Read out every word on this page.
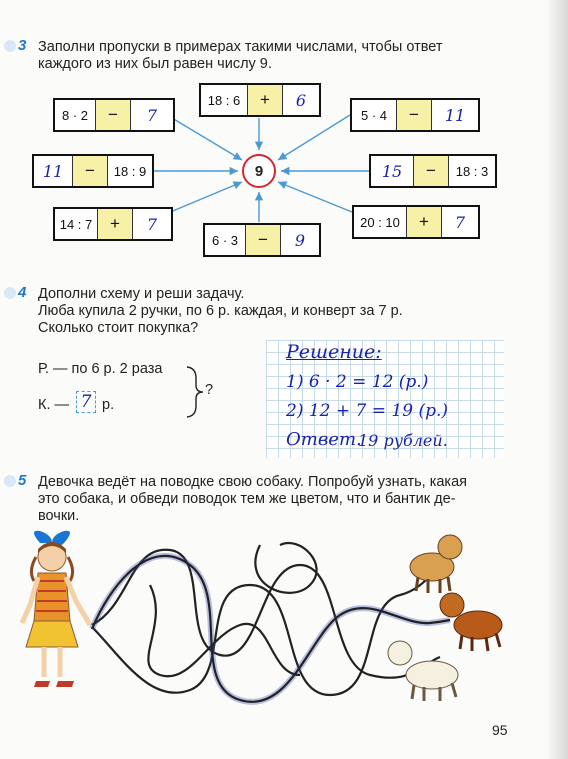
3 Заполни пропуски в примерах такими числами, чтобы ответ
каждого из них был равен числу 9.
9
8 · 2	−	7
18 : 6	+	6
5 · 4	−	11
11	−	18 : 9	15	−	18 : 3
14 : 7	+	7
6 · 3	−	9
20 : 10	+	7
4 Дополни схему и реши задачу.
Люба купила 2 ручки, по 6 р. каждая, и конверт за 7 р.
Сколько стоит покупка?
Р. — по 6 р. 2 раза
К. — 7 р.
?
Решение:
1) 6 · 2 = 12 (р.)
2) 12 + 7 = 19 (р.)
Ответ.
19 рублей.
5 Девочка ведёт на поводке свою собаку. Попробуй узнать, какая
это собака, и обведи поводок тем же цветом, что и бантик де-
вочки.
95
